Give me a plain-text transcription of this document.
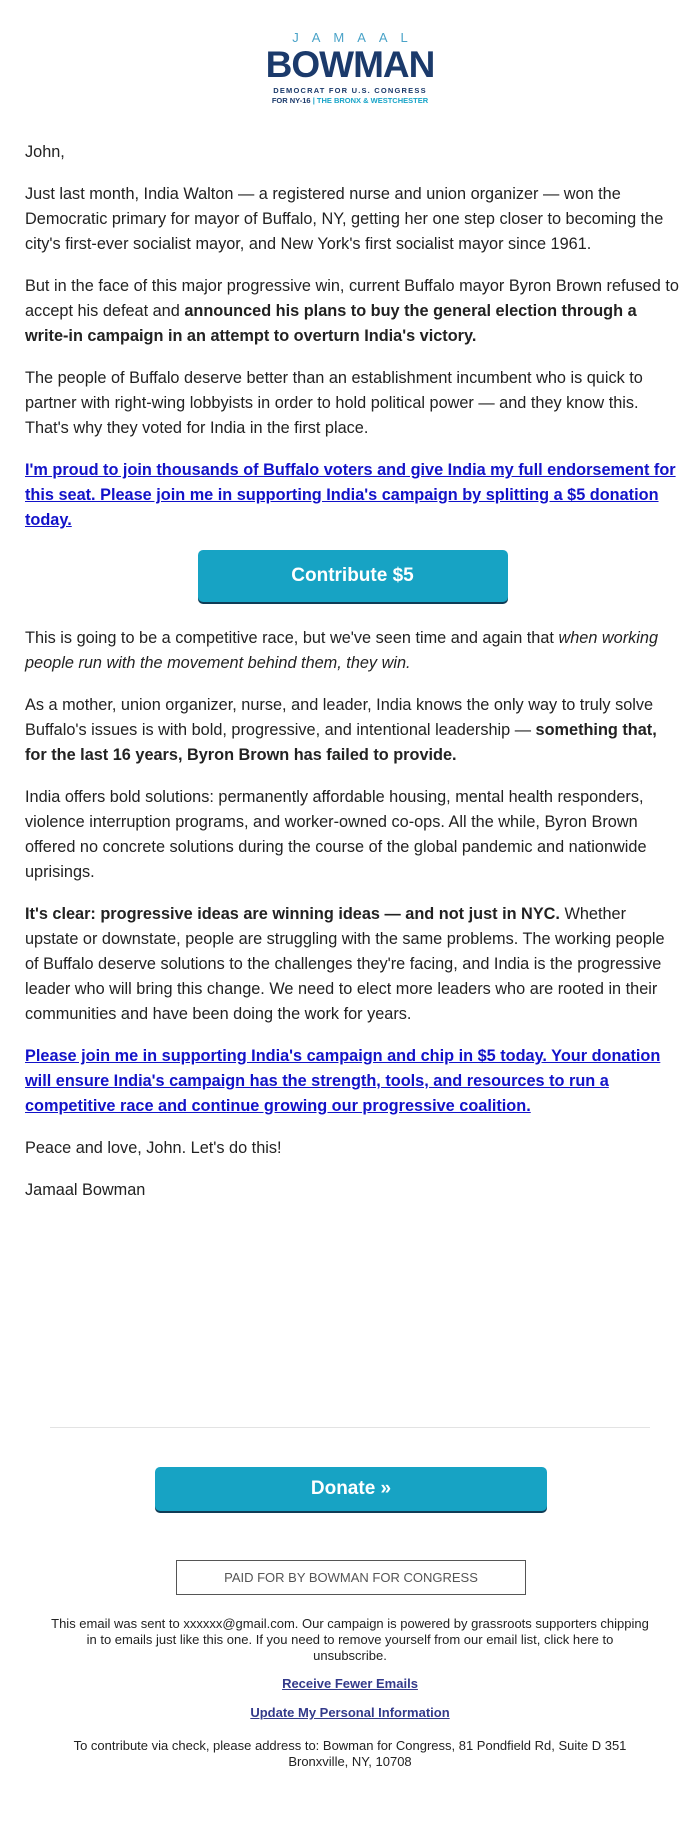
JAMAAL
BOWMAN
DEMOCRAT FOR U.S. CONGRESS
FOR NY-16 | THE BRONX & WESTCHESTER

John,

Just last month, India Walton — a registered nurse and union organizer — won the Democratic primary for mayor of Buffalo, NY, getting her one step closer to becoming the city's first-ever socialist mayor, and New York's first socialist mayor since 1961.

But in the face of this major progressive win, current Buffalo mayor Byron Brown refused to accept his defeat and announced his plans to buy the general election through a write-in campaign in an attempt to overturn India's victory.

The people of Buffalo deserve better than an establishment incumbent who is quick to partner with right-wing lobbyists in order to hold political power — and they know this. That's why they voted for India in the first place.

I'm proud to join thousands of Buffalo voters and give India my full endorsement for this seat. Please join me in supporting India's campaign by splitting a $5 donation today.

Contribute $5

This is going to be a competitive race, but we've seen time and again that when working people run with the movement behind them, they win.

As a mother, union organizer, nurse, and leader, India knows the only way to truly solve Buffalo's issues is with bold, progressive, and intentional leadership — something that, for the last 16 years, Byron Brown has failed to provide.

India offers bold solutions: permanently affordable housing, mental health responders, violence interruption programs, and worker-owned co-ops. All the while, Byron Brown offered no concrete solutions during the course of the global pandemic and nationwide uprisings.

It's clear: progressive ideas are winning ideas — and not just in NYC. Whether upstate or downstate, people are struggling with the same problems. The working people of Buffalo deserve solutions to the challenges they're facing, and India is the progressive leader who will bring this change. We need to elect more leaders who are rooted in their communities and have been doing the work for years.

Please join me in supporting India's campaign and chip in $5 today. Your donation will ensure India's campaign has the strength, tools, and resources to run a competitive race and continue growing our progressive coalition.

Peace and love, John. Let's do this!

Jamaal Bowman

Donate »
PAID FOR BY BOWMAN FOR CONGRESS
This email was sent to xxxxxx@gmail.com. Our campaign is powered by grassroots supporters chipping in to emails just like this one. If you need to remove yourself from our email list, click here to unsubscribe.
Receive Fewer Emails
Update My Personal Information
To contribute via check, please address to: Bowman for Congress, 81 Pondfield Rd, Suite D 351 Bronxville, NY, 10708
